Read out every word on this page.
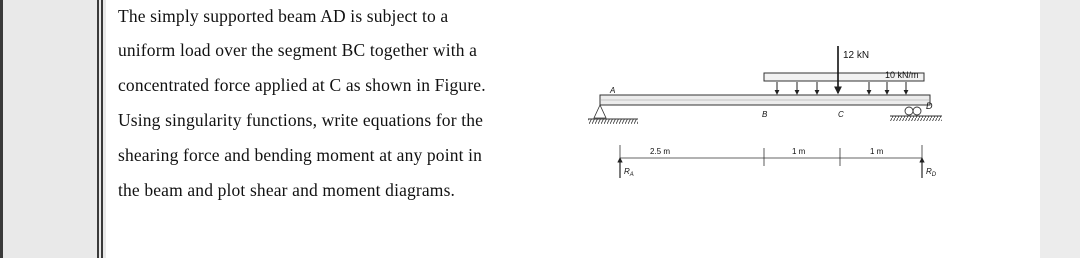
The simply supported beam AD is subject to a
uniform load over the segment BC together with a
concentrated force applied at C as shown in Figure.
Using singularity functions, write equations for the
shearing force and bending moment at any point in
the beam and plot shear and moment diagrams.
12 kN
10 kN/m
A
B	C
D
2.5 m	1 m	1 m
$R_A$	$R_D$
